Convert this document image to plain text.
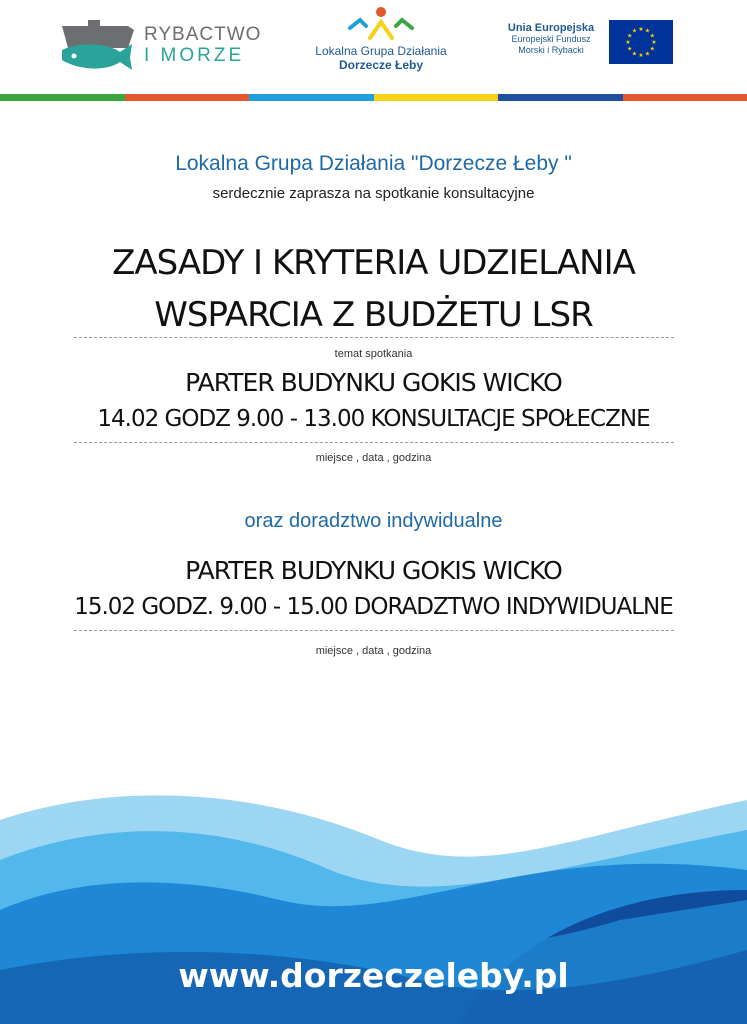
RYBACTWO
I MORZE	Lokalna Grupa Działania
Dorzecze Łeby
Unia Europejska
Europejski Fundusz
Morski i Rybacki
★
★
★
★
★
★
★
★
★ ★ ★
★
Lokalna Grupa Działania "Dorzecze Łeby "
serdecznie zaprasza na spotkanie konsultacyjne
ZASADY I KRYTERIA UDZIELANIA
WSPARCIA Z BUDŻETU LSR
temat spotkania
PARTER BUDYNKU GOKIS WICKO
14.02 GODZ 9.00 - 13.00 KONSULTACJE SPOŁECZNE
miejsce , data , godzina
oraz doradztwo indywidualne
PARTER BUDYNKU GOKIS WICKO
15.02 GODZ. 9.00 - 15.00 DORADZTWO INDYWIDUALNE
miejsce , data , godzina
www.dorzeczeleby.pl
